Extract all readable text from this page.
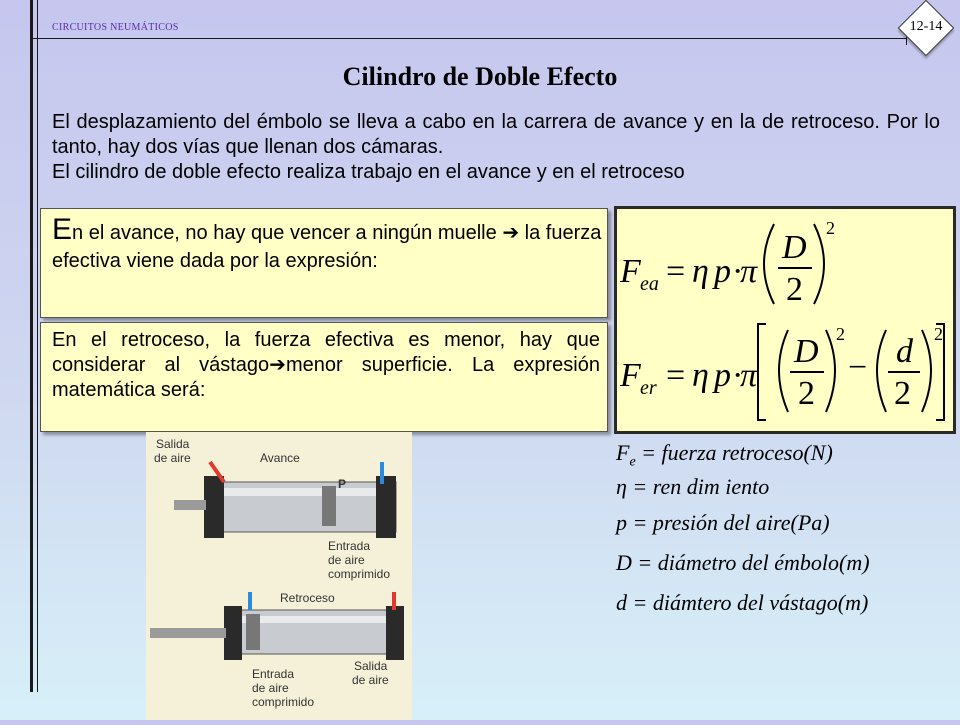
CIRCUITOS NEUMÁTICOS	12-14
Cilindro de Doble Efecto

El desplazamiento del émbolo se lleva a cabo en la carrera de avance y en la de retroceso. Por lo tanto, hay dos vías que llenan dos cámaras.

El cilindro de doble efecto realiza trabajo en el avance y en el retroceso

En el avance, no hay que vencer a ningún muelle ➔ la fuerza efectiva viene dada por la expresión:
En el retroceso, la fuerza efectiva es menor, hay que considerar al vástago➔menor superficie. La expresión matemática será:
F ea = η p ·
π
D
2
2
F er = η p ·
π
D
2
2
− d
2
2
$F_e$ = fuerza retroceso(N)
η = ren dim iento
p = presión del aire(Pa)
D = diámetro del émbolo(m)
d = diámtero del vástago(m)
Avance
Salida
de aire
P
Entrada
de aire
comprimido
Retroceso
Entrada
de aire
comprimido
Salida
de aire
